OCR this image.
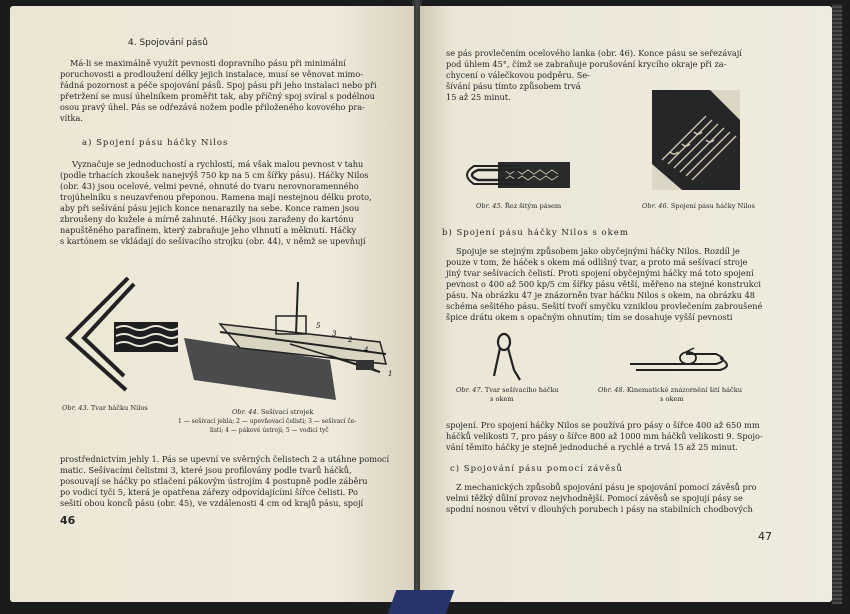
4. Spojování pásů
Má-li se maximálně využít pevnosti dopravního pásu při minimální
poruchovosti a prodloužení délky jejich instalace, musí se věnovat mimo-
řádná pozornost a péče spojování pásů. Spoj pásu při jeho instalaci nebo při
přetržení se musí úhelníkem proměřit tak, aby příčný spoj svíral s podélnou
osou pravý úhel. Pás se odřezává nožem podle přiloženého kovového pra-
vítka.
a) Spojení pásu háčky Nilos
Vyznačuje se jednoduchostí a rychlostí, má však malou pevnost v tahu
(podle trhacích zkoušek nanejvýš 750 kp na 5 cm šířky pásu). Háčky Nilos
(obr. 43) jsou ocelové, velmi pevné, ohnuté do tvaru nerovnoramenného
trojúhelníku s neuzavřenou přeponou. Ramena mají nestejnou délku proto,
aby při sešívání pásu jejich konce nenarazily na sebe. Konce ramen jsou
zbroušeny do kužele a mírně zahnuté. Háčky jsou zaraženy do kartónu
napuštěného parafínem, který zabraňuje jeho vlhnutí a měknutí. Háčky
s kartónem se vkládají do sešívacího strojku (obr. 44), v němž se upevňují
Obr. 43. Tvar háčku Nilos
5
3
2
4
1
Obr. 44. Sešívací strojek
1 — sešívací jehla; 2 — upevňovací čelisti; 3 — sešívací če-
listi; 4 — pákové ústrojí; 5 — vodicí tyč
prostřednictvím jehly 1. Pás se upevní ve svěrných čelistech 2 a utáhne pomocí
matic. Sešívacími čelistmi 3, které jsou profilovány podle tvarů háčků,
posouvají se háčky po stlačení pákovým ústrojím 4 postupně podle záběru
po vodicí tyči 5, která je opatřena zářezy odpovídajícími šířce čelisti. Po
sešití obou konců pásu (obr. 45), ve vzdálenosti 4 cm od krajů pásu, spojí
46
se pás provlečením ocelového lanka (obr. 46). Konce pásu se seřezávají
pod úhlem 45°, čímž se zabraňuje porušování krycího okraje při za-
chycení o válečkovou podpěru. Se-
šívání pásu tímto způsobem trvá
15 až 25 minut.
Obr. 45. Řez šitým pásem	Obr. 46. Spojení pásu háčky Nilos
b) Spojení pásu háčky Nilos s okem
Spojuje se stejným způsobem jako obyčejnými háčky Nilos. Rozdíl je
pouze v tom, že háček s okem má odlišný tvar, a proto má sešívací stroje
jiný tvar sešívacích čelistí. Proti spojení obyčejnými háčky má toto spojení
pevnost o 400 až 500 kp/5 cm šířky pásu větší, měřeno na stejné konstrukci
pásu. Na obrázku 47 je znázorněn tvar háčku Nilos s okem, na obrázku 48
schéma sešitého pásu. Sešití tvoří smyčku vzniklou provlečením zabroušené
špice drátu okem s opačným ohnutím; tím se dosahuje vyšší pevnosti
Obr. 47. Tvar sešívacího háčku
s okem
Obr. 48. Kinematické znázornění šití háčku
s okem
spojení. Pro spojení háčky Nilos se používá pro pásy o šířce 400 až 650 mm
háčků velikosti 7, pro pásy o šířce 800 až 1000 mm háčků velikosti 9. Spojo-
vání těmito háčky je stejně jednoduché a rychlé a trvá 15 až 25 minut.
c) Spojování pásu pomocí závěsů
Z mechanických způsobů spojování pásu je spojování pomocí závěsů pro
velmi těžký důlní provoz nejvhodnější. Pomocí závěsů se spojují pásy se
spodní nosnou větví v dlouhých porubech i pásy na stabilních chodbových
47
